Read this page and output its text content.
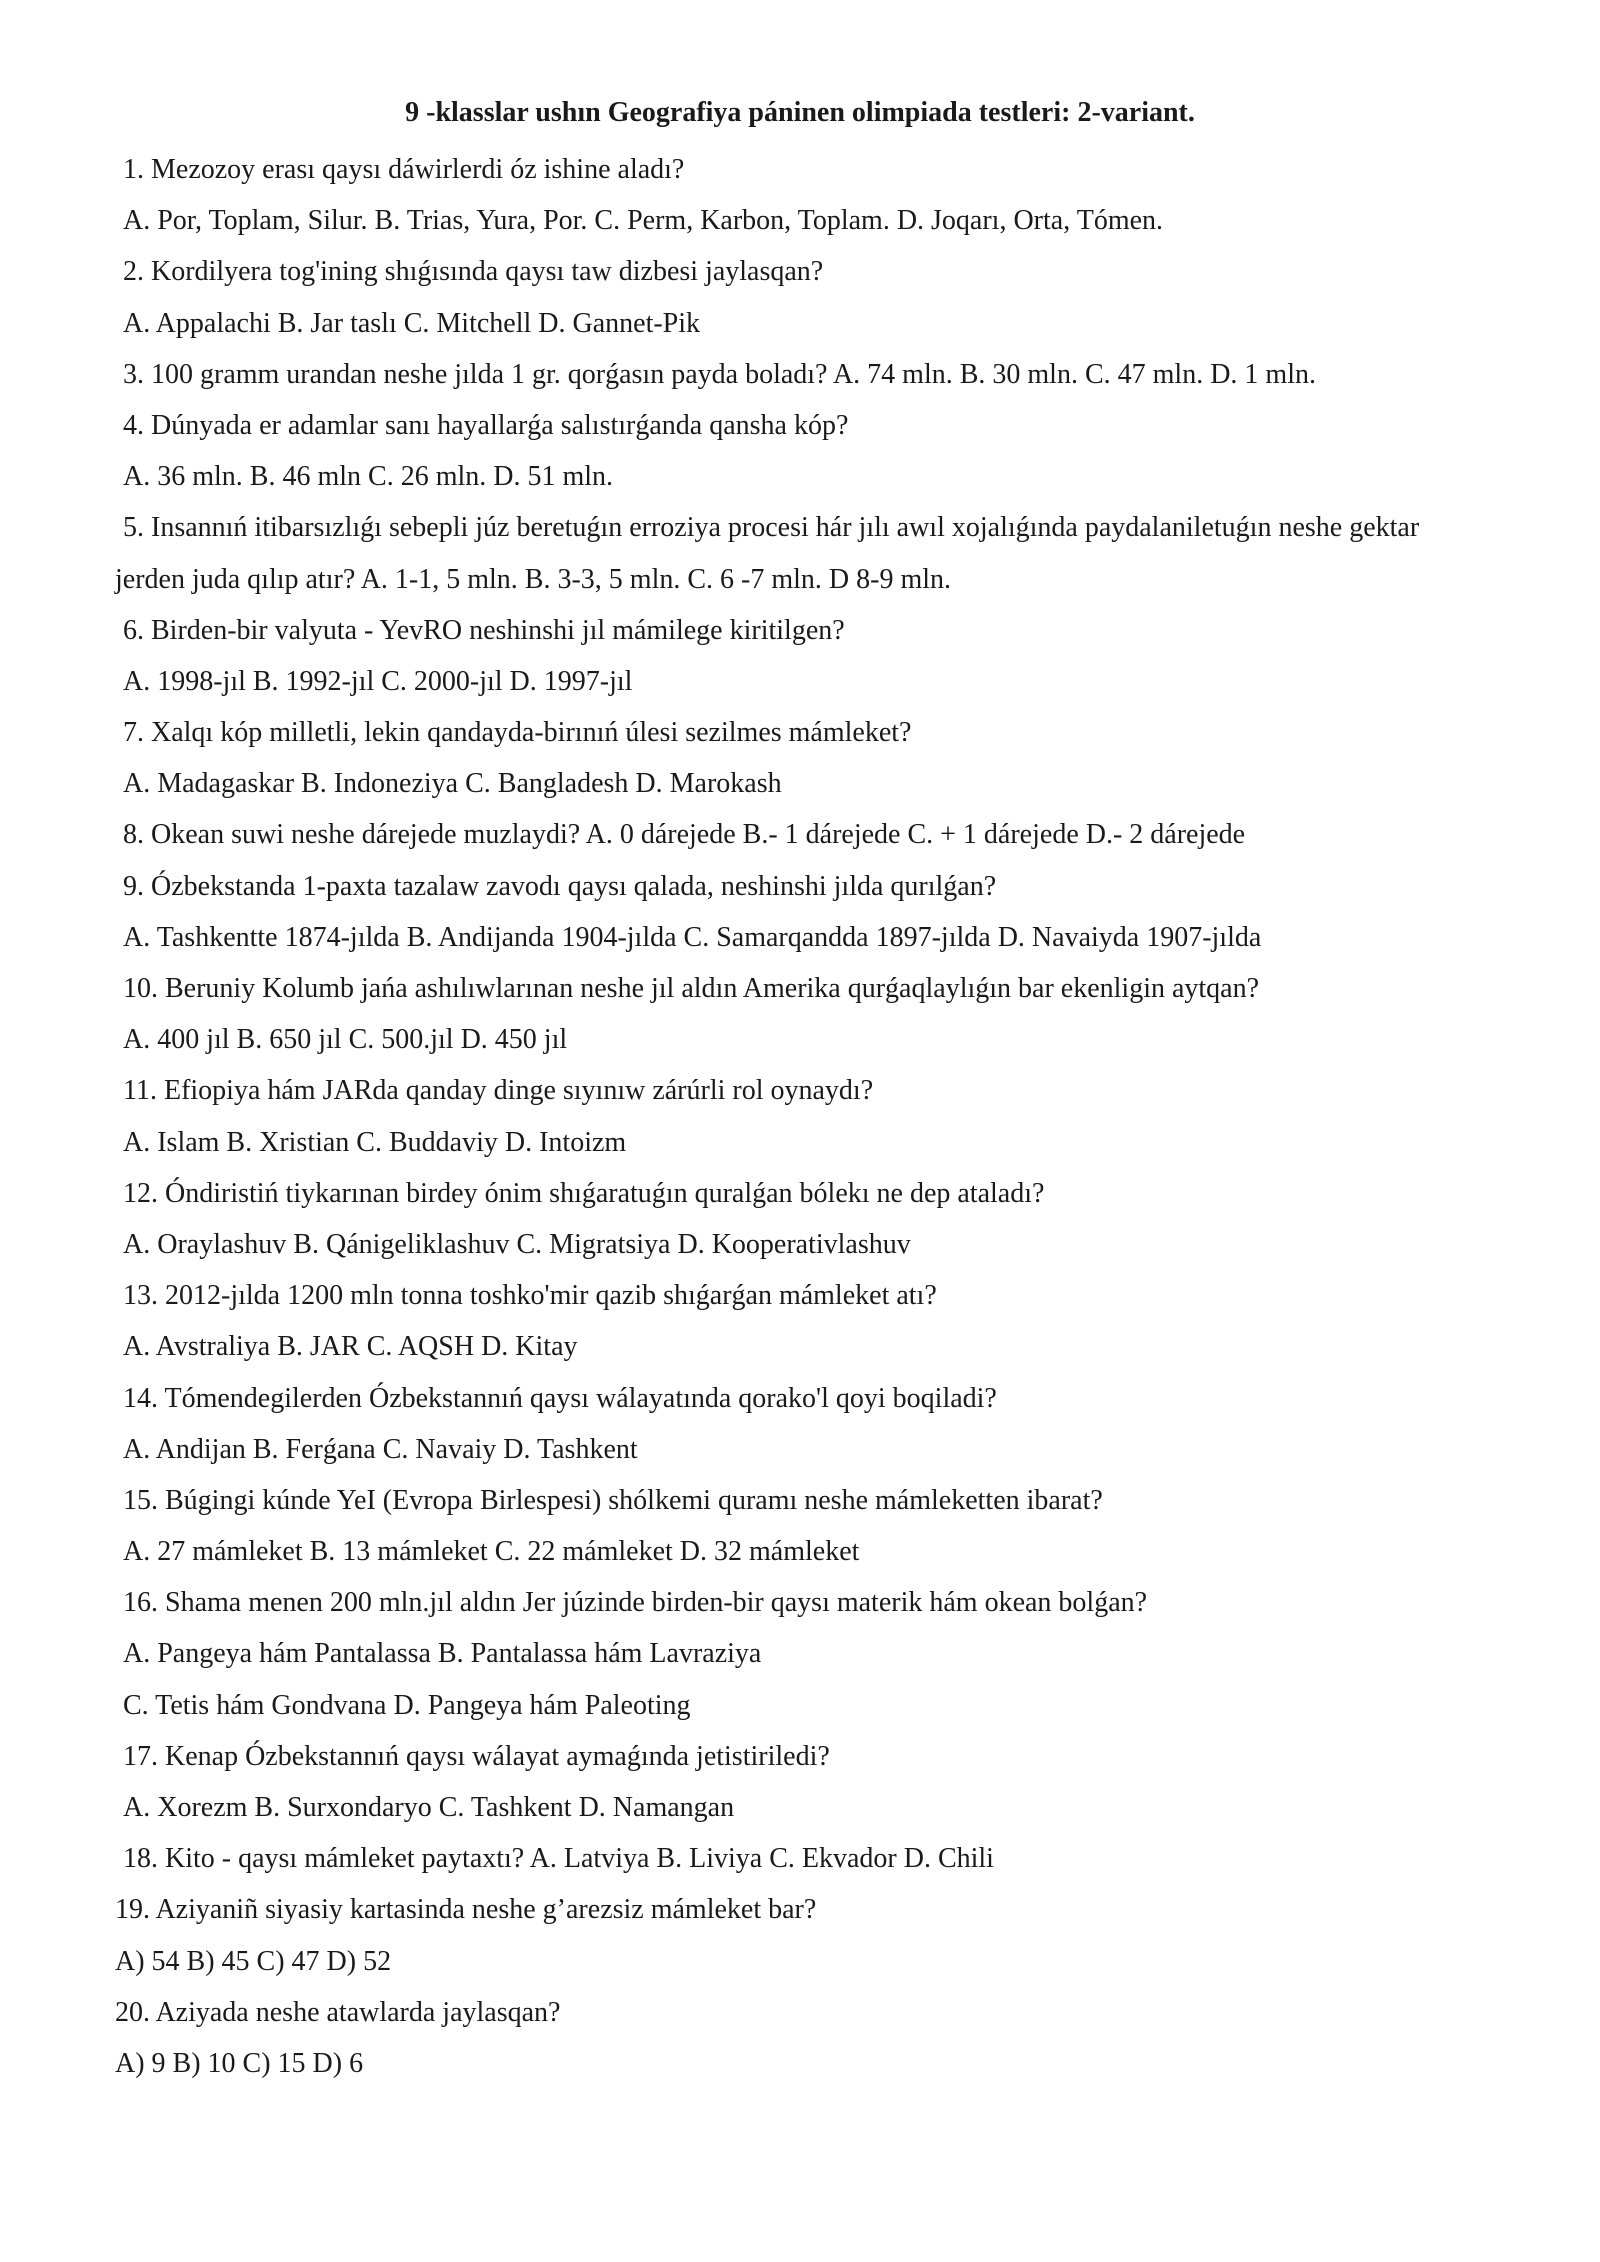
9 -klasslar ushın Geografiya páninen olimpiada testleri: 2-variant.
1. Mezozoy erası qaysı dáwirlerdi óz ishine aladı?
A. Por, Toplam, Silur. B. Trias, Yura, Por. C. Perm, Karbon, Toplam. D. Joqarı, Orta, Tómen.
2. Kordilyera tog'ining shıǵısında qaysı taw dizbesi jaylasqan?
A. Appalachi B. Jar taslı C. Mitchell D. Gannet-Pik
3. 100 gramm urandan neshe jılda 1 gr. qorǵasın payda boladı? A. 74 mln. B. 30 mln. C. 47 mln. D. 1 mln.
4. Dúnyada er adamlar sanı hayallarǵa salıstırǵanda qansha kóp?
A. 36 mln. B. 46 mln C. 26 mln. D. 51 mln.
5. Insannıń itibarsızlıǵı sebepli júz beretuǵın erroziya procesi hár jılı awıl xojalıǵında paydalaniletuǵın neshe gektar
jerden juda qılıp atır? A. 1-1, 5 mln. B. 3-3, 5 mln. C. 6 -7 mln. D 8-9 mln.
6. Birden-bir valyuta - YevRO neshinshi jıl mámilege kiritilgen?
A. 1998-jıl B. 1992-jıl C. 2000-jıl D. 1997-jıl
7. Xalqı kóp milletli, lekin qandayda-birınıń úlesi sezilmes mámleket?
A. Madagaskar B. Indoneziya C. Bangladesh D. Marokash
8. Okean suwi neshe dárejede muzlaydi? A. 0 dárejede B.- 1 dárejede C. + 1 dárejede D.- 2 dárejede
9. Ózbekstanda 1-paxta tazalaw zavodı qaysı qalada, neshinshi jılda qurılǵan?
A. Tashkentte 1874-jılda B. Andijanda 1904-jılda C. Samarqandda 1897-jılda D. Navaiyda 1907-jılda
10. Beruniy Kolumb jańa ashılıwlarınan neshe jıl aldın Amerika qurǵaqlaylıǵın bar ekenligin aytqan?
A. 400 jıl B. 650 jıl C. 500.jıl D. 450 jıl
11. Efiopiya hám JARda qanday dinge sıyınıw zárúrli rol oynaydı?
A. Islam B. Xristian C. Buddaviy D. Intoizm
12. Óndiristiń tiykarınan birdey ónim shıǵaratuǵın quralǵan bólekı ne dep ataladı?
A. Oraylashuv B. Qánigeliklashuv C. Migratsiya D. Kooperativlashuv
13. 2012-jılda 1200 mln tonna toshko'mir qazib shıǵarǵan mámleket atı?
A. Avstraliya B. JAR C. AQSH D. Kitay
14. Tómendegilerden Ózbekstannıń qaysı wálayatında qorako'l qoyi boqiladi?
A. Andijan B. Ferǵana C. Navaiy D. Tashkent
15. Búgingi kúnde YeI (Evropa Birlespesi) shólkemi quramı neshe mámleketten ibarat?
A. 27 mámleket B. 13 mámleket C. 22 mámleket D. 32 mámleket
16. Shama menen 200 mln.jıl aldın Jer júzinde birden-bir qaysı materik hám okean bolǵan?
A. Pangeya hám Pantalassa B. Pantalassa hám Lavraziya
C. Tetis hám Gondvana D. Pangeya hám Paleoting
17. Kenap Ózbekstannıń qaysı wálayat aymaǵında jetistiriledi?
A. Xorezm B. Surxondaryo C. Tashkent D. Namangan
18. Kito - qaysı mámleket paytaxtı? A. Latviya B. Liviya C. Ekvador D. Chili
19. Aziyaniñ siyasiy kartasinda neshe g’arezsiz mámleket bar?
A) 54 B) 45 C) 47 D) 52
20. Aziyada neshe atawlarda jaylasqan?
A) 9 B) 10 C) 15 D) 6
